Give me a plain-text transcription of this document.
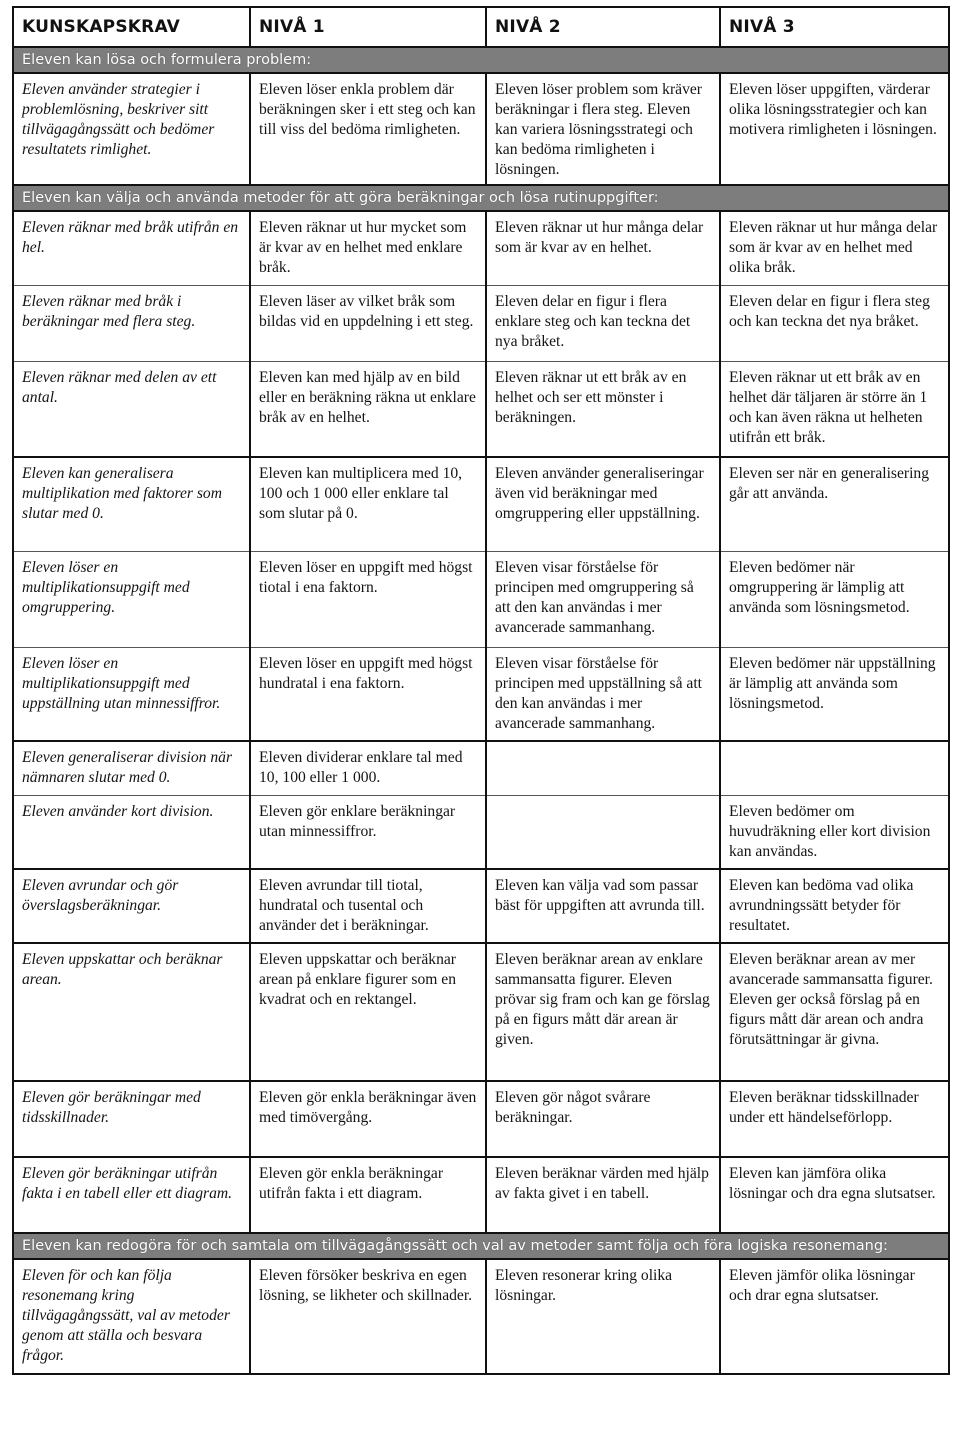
KUNSKAPSKRAV	NIVÅ 1	NIVÅ 2	NIVÅ 3
Eleven kan lösa och formulera problem:			
Eleven använder strategier i problemlösning, beskriver sitt tillvägagångssätt och bedömer resultatets rimlighet.	Eleven löser enkla problem där beräkningen sker i ett steg och kan till viss del bedöma rimligheten.	Eleven löser problem som kräver beräkningar i flera steg. Eleven kan variera lösningsstrategi och kan bedöma rimligheten i lösningen.	Eleven löser uppgiften, värderar olika lösningsstrategier och kan motivera rimligheten i lösningen.
Eleven kan välja och använda metoder för att göra beräkningar och lösa rutinuppgifter:			
Eleven räknar med bråk utifrån en hel.	Eleven räknar ut hur mycket som är kvar av en helhet med enklare bråk.	Eleven räknar ut hur många delar som är kvar av en helhet.	Eleven räknar ut hur många delar som är kvar av en helhet med olika bråk.
Eleven räknar med bråk i beräkningar med flera steg.	Eleven läser av vilket bråk som bildas vid en uppdelning i ett steg.	Eleven delar en figur i flera enklare steg och kan teckna det nya bråket.	Eleven delar en figur i flera steg och kan teckna det nya bråket.
Eleven räknar med delen av ett antal.	Eleven kan med hjälp av en bild eller en beräkning räkna ut enklare bråk av en helhet.	Eleven räknar ut ett bråk av en helhet och ser ett mönster i beräkningen.	Eleven räknar ut ett bråk av en helhet där täljaren är större än 1 och kan även räkna ut helheten utifrån ett bråk.
Eleven kan generalisera multiplikation med faktorer som slutar med 0.	Eleven kan multiplicera med 10, 100 och 1 000 eller enklare tal som slutar på 0.	Eleven använder generaliseringar även vid beräkningar med omgruppering eller uppställning.	Eleven ser när en generalisering går att använda.
Eleven löser en multiplikationsuppgift med omgruppering.	Eleven löser en uppgift med högst tiotal i ena faktorn.	Eleven visar förståelse för principen med omgruppering så att den kan användas i mer avancerade sammanhang.	Eleven bedömer när omgruppering är lämplig att använda som lösningsmetod.
Eleven löser en multiplikationsuppgift med uppställning utan minnessiffror.	Eleven löser en uppgift med högst hundratal i ena faktorn.	Eleven visar förståelse för principen med uppställning så att den kan användas i mer avancerade sammanhang.	Eleven bedömer när uppställning är lämplig att använda som lösningsmetod.
Eleven generaliserar division när nämnaren slutar med 0.	Eleven dividerar enklare tal med 10, 100 eller 1 000.		
Eleven använder kort division.	Eleven gör enklare beräkningar utan minnessiffror.		Eleven bedömer om huvudräkning eller kort division kan användas.
Eleven avrundar och gör överslagsberäkningar.	Eleven avrundar till tiotal, hundratal och tusental och använder det i beräkningar.	Eleven kan välja vad som passar bäst för uppgiften att avrunda till.	Eleven kan bedöma vad olika avrundningssätt betyder för resultatet.
Eleven uppskattar och beräknar arean.	Eleven uppskattar och beräknar arean på enklare figurer som en kvadrat och en rektangel.	Eleven beräknar arean av enklare sammansatta figurer. Eleven prövar sig fram och kan ge förslag på en figurs mått där arean är given.	Eleven beräknar arean av mer avancerade sammansatta figurer. Eleven ger också förslag på en figurs mått där arean och andra förutsättningar är givna.
Eleven gör beräkningar med tidsskillnader.	Eleven gör enkla beräkningar även med timövergång.	Eleven gör något svårare beräkningar.	Eleven beräknar tidsskillnader under ett händelseförlopp.
Eleven gör beräkningar utifrån fakta i en tabell eller ett diagram.	Eleven gör enkla beräkningar utifrån fakta i ett diagram.	Eleven beräknar värden med hjälp av fakta givet i en tabell.	Eleven kan jämföra olika lösningar och dra egna slutsatser.
Eleven kan redogöra för och samtala om tillvägagångssätt och val av metoder samt följa och föra logiska resonemang:			
Eleven för och kan följa resonemang kring tillvägagångssätt, val av metoder genom att ställa och besvara frågor.	Eleven försöker beskriva en egen lösning, se likheter och skillnader.	Eleven resonerar kring olika lösningar.	Eleven jämför olika lösningar och drar egna slutsatser.
